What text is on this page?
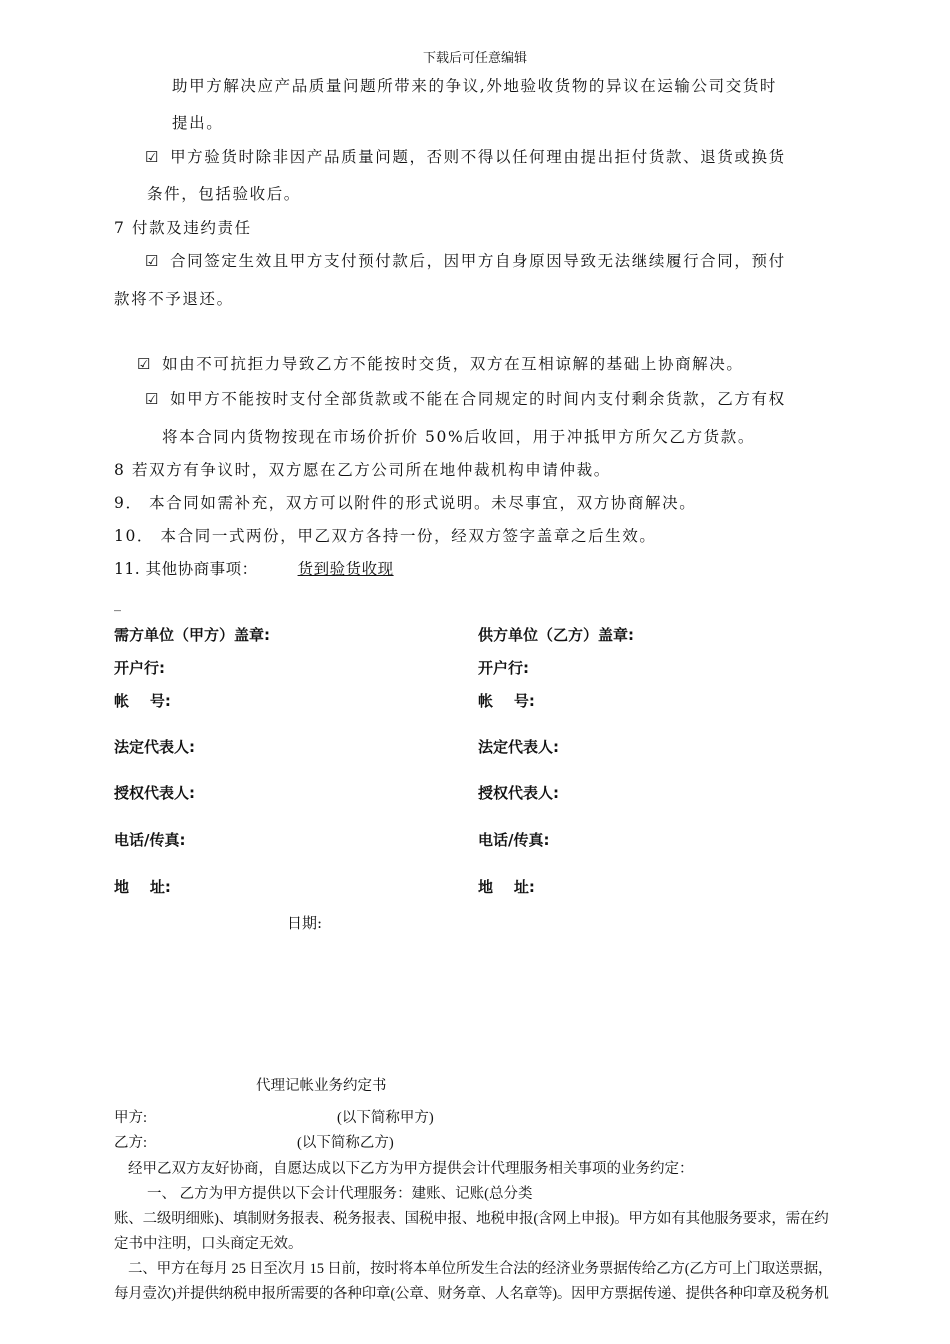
下载后可任意编辑
助甲方解决应产品质量问题所带来的争议,外地验收货物的异议在运输公司交货时
提出。
☑ 甲方验货时除非因产品质量问题，否则不得以任何理由提出拒付货款、退货或换货
条件，包括验收后。
7 付款及违约责任
☑ 合同签定生效且甲方支付预付款后，因甲方自身原因导致无法继续履行合同，预付
款将不予退还。
☑ 如由不可抗拒力导致乙方不能按时交货，双方在互相谅解的基础上协商解决。
☑ 如甲方不能按时支付全部货款或不能在合同规定的时间内支付剩余货款，乙方有权
将本合同内货物按现在市场价折价 50%后收回，用于冲抵甲方所欠乙方货款。
8 若双方有争议时，双方愿在乙方公司所在地仲裁机构申请仲裁。
9． 本合同如需补充，双方可以附件的形式说明。未尽事宜，双方协商解决。
10． 本合同一式两份，甲乙双方各持一份，经双方签字盖章之后生效。
11. 其他协商事项：	货到验货收现
_
需方单位（甲方）盖章:	供方单位（乙方）盖章:
开户行:	开户行:
帐    号:	帐    号:
法定代表人:	法定代表人:
授权代表人:	授权代表人:
电话/传真:	电话/传真:
地    址:	地    址:
日期:
代理记帐业务约定书
甲方:	(以下简称甲方)
乙方:	(以下简称乙方)
经甲乙双方友好协商，自愿达成以下乙方为甲方提供会计代理服务相关事项的业务约定：
一、 乙方为甲方提供以下会计代理服务：建账、记账(总分类
账、二级明细账)、填制财务报表、税务报表、国税申报、地税申报(含网上申报)。甲方如有其他服务要求，需在约
定书中注明，口头商定无效。
二、甲方在每月 25 日至次月 15 日前，按时将本单位所发生合法的经济业务票据传给乙方(乙方可上门取送票据，
每月壹次)并提供纳税申报所需要的各种印章(公章、财务章、人名章等)。因甲方票据传递、提供各种印章及税务机
